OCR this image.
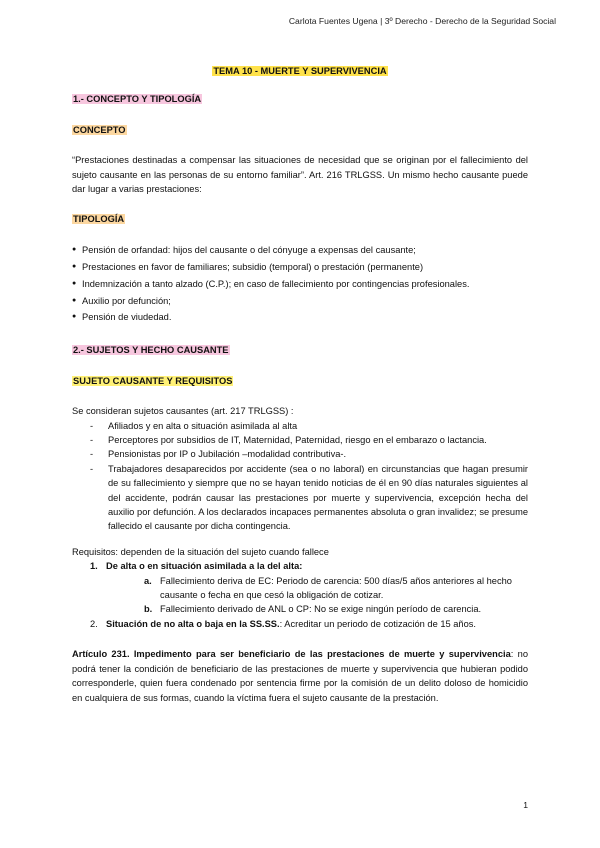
Carlota Fuentes Ugena | 3º Derecho - Derecho de la Seguridad Social
TEMA 10 - MUERTE Y SUPERVIVENCIA

1.- CONCEPTO Y TIPOLOGÍA

CONCEPTO

“Prestaciones destinadas a compensar las situaciones de necesidad que se originan por el fallecimiento del sujeto causante en las personas de su entorno familiar”. Art. 216 TRLGSS. Un mismo hecho causante puede dar lugar a varias prestaciones:

TIPOLOGÍA

● Pensión de orfandad: hijos del causante o del cónyuge a expensas del causante;
● Prestaciones en favor de familiares; subsidio (temporal) o prestación (permanente)
● Indemnización a tanto alzado (C.P.); en caso de fallecimiento por contingencias profesionales.
● Auxilio por defunción;
● Pensión de viudedad.

2.- SUJETOS Y HECHO CAUSANTE

SUJETO CAUSANTE Y REQUISITOS

Se consideran sujetos causantes (art. 217 TRLGSS) :

- Afiliados y en alta o situación asimilada al alta
- Perceptores por subsidios de IT, Maternidad, Paternidad, riesgo en el embarazo o lactancia.
- Pensionistas por IP o Jubilación –modalidad contributiva-.
- Trabajadores desaparecidos por accidente (sea o no laboral) en circunstancias que hagan presumir de su fallecimiento y siempre que no se hayan tenido noticias de él en 90 días naturales siguientes al del accidente, podrán causar las prestaciones por muerte y supervivencia, excepción hecha del auxilio por defunción. A los declarados incapaces permanentes absoluta o gran invalidez; se presume fallecido el causante por dicha contingencia.

Requisitos: dependen de la situación del sujeto cuando fallece

1. De alta o en situación asimilada a la del alta:
a. Fallecimiento deriva de EC: Periodo de carencia: 500 días/5 años anteriores al hecho causante o fecha en que cesó la obligación de cotizar.
b. Fallecimiento derivado de ANL o CP: No se exige ningún período de carencia.
2. Situación de no alta o baja en la SS.SS.: Acreditar un periodo de cotización de 15 años.

Artículo 231. Impedimento para ser beneficiario de las prestaciones de muerte y supervivencia: no podrá tener la condición de beneficiario de las prestaciones de muerte y supervivencia que hubieran podido corresponderle, quien fuera condenado por sentencia firme por la comisión de un delito doloso de homicidio en cualquiera de sus formas, cuando la víctima fuera el sujeto causante de la prestación.

1
